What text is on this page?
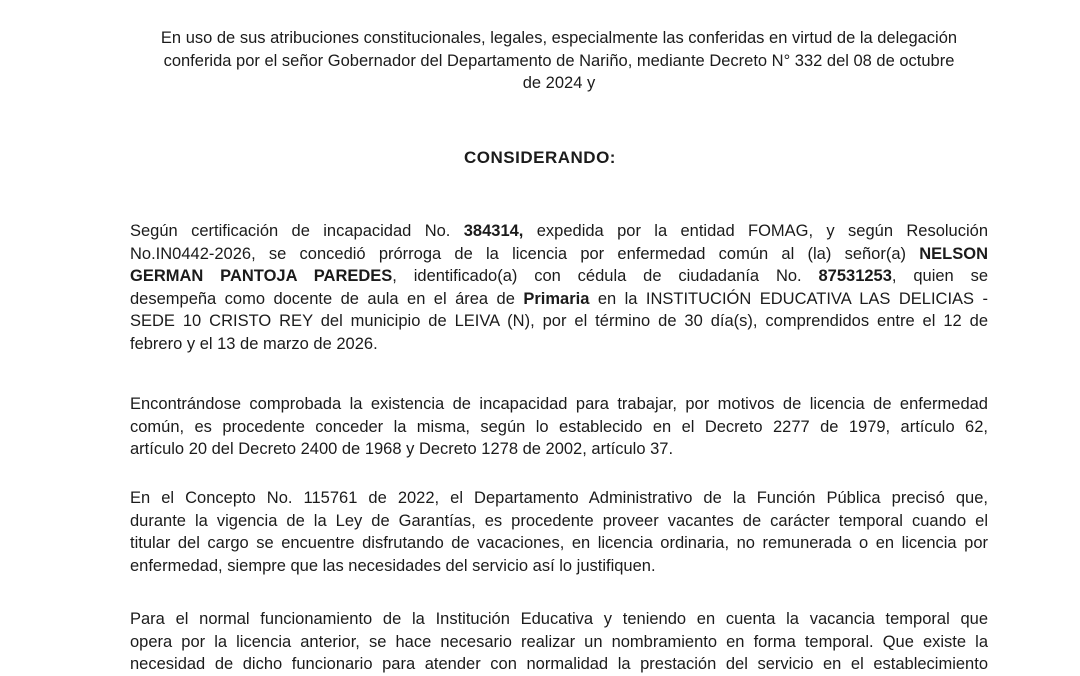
En uso de sus atribuciones constitucionales, legales, especialmente las conferidas en virtud de la delegación
conferida por el señor Gobernador del Departamento de Nariño, mediante Decreto N° 332 del 08 de octubre
de 2024 y
CONSIDERANDO:
Según certificación de incapacidad No. 384314, expedida por la entidad FOMAG, y según Resolución
No.IN0442-2026, se concedió prórroga de la licencia por enfermedad común al (la) señor(a) NELSON
GERMAN PANTOJA PAREDES, identificado(a) con cédula de ciudadanía No. 87531253, quien se
desempeña como docente de aula en el área de Primaria en la INSTITUCIÓN EDUCATIVA LAS DELICIAS -
SEDE 10 CRISTO REY del municipio de LEIVA (N), por el término de 30 día(s), comprendidos entre el 12 de
febrero y el 13 de marzo de 2026.
Encontrándose comprobada la existencia de incapacidad para trabajar, por motivos de licencia de enfermedad
común, es procedente conceder la misma, según lo establecido en el Decreto 2277 de 1979, artículo 62,
artículo 20 del Decreto 2400 de 1968 y Decreto 1278 de 2002, artículo 37.
En el Concepto No. 115761 de 2022, el Departamento Administrativo de la Función Pública precisó que,
durante la vigencia de la Ley de Garantías, es procedente proveer vacantes de carácter temporal cuando el
titular del cargo se encuentre disfrutando de vacaciones, en licencia ordinaria, no remunerada o en licencia por
enfermedad, siempre que las necesidades del servicio así lo justifiquen.
Para el normal funcionamiento de la Institución Educativa y teniendo en cuenta la vacancia temporal que
opera por la licencia anterior, se hace necesario realizar un nombramiento en forma temporal. Que existe la
necesidad de dicho funcionario para atender con normalidad la prestación del servicio en el establecimiento
